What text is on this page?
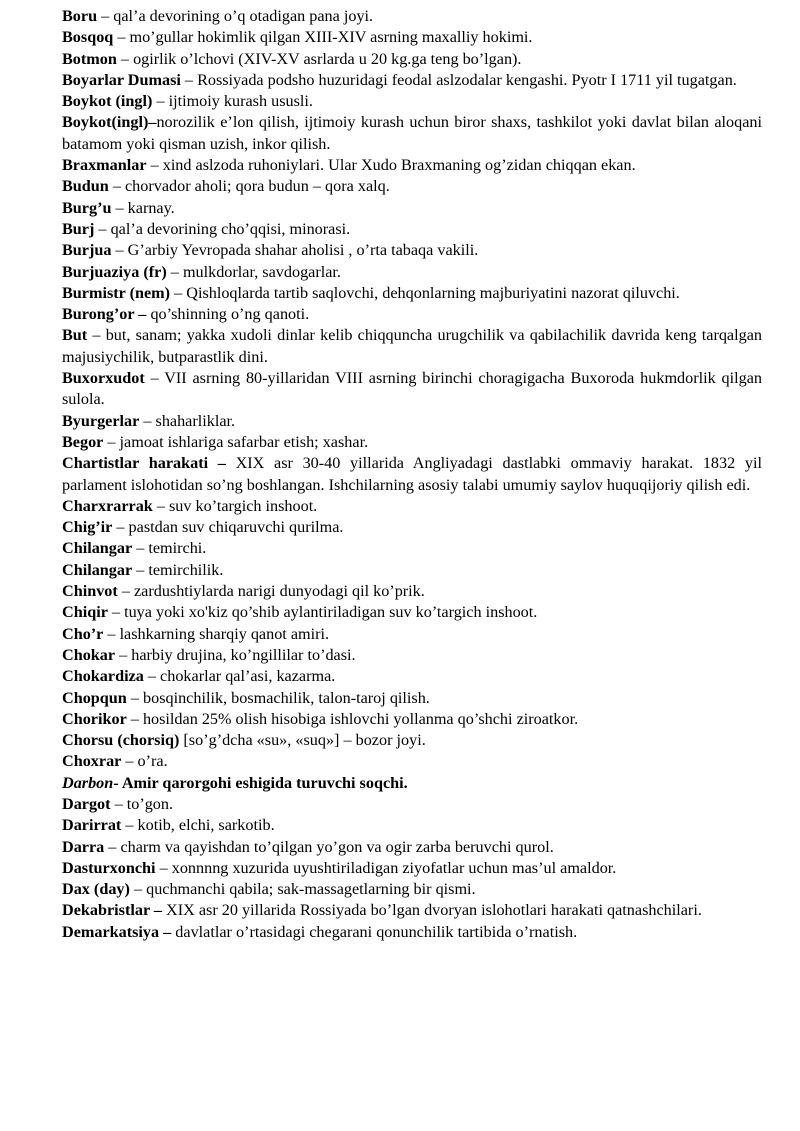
Boru – qal’a devorining o’q otadigan pana joyi.

Bosqoq – mo’gullar hokimlik qilgan XIII-XIV asrning maxalliy hokimi.

Botmon – ogirlik o’lchovi (XIV-XV asrlarda u 20 kg.ga teng bo’lgan).

Boyarlar Dumasi – Rossiyada podsho huzuridagi feodal aslzodalar kengashi. Pyotr I 1711 yil tugatgan.

Boykot (ingl) – ijtimoiy kurash ususli.

Boykot(ingl)–norozilik e’lon qilish, ijtimoiy kurash uchun biror shaxs, tashkilot yoki davlat bilan aloqani batamom yoki qisman uzish, inkor qilish.

Braxmanlar – xind aslzoda ruhoniylari. Ular Xudo Braxmaning og’zidan chiqqan ekan.

Budun – chorvador aholi; qora budun – qora xalq.

Burg’u – karnay.

Burj – qal’a devorining cho’qqisi, minorasi.

Burjua – G’arbiy Yevropada shahar aholisi , o’rta tabaqa vakili.

Burjuaziya (fr) – mulkdorlar, savdogarlar.

Burmistr (nem) – Qishloqlarda tartib saqlovchi, dehqonlarning majburiyatini nazorat qiluvchi.

Burong’or – qo’shinning o’ng qanoti.

But – but, sanam; yakka xudoli dinlar kelib chiqquncha urugchilik va qabilachilik davrida keng tarqalgan majusiychilik, butparastlik dini.

Buxorxudot – VII asrning 80-yillaridan VIII asrning birinchi choragigacha Buxoroda hukmdorlik qilgan sulola.

Byurgerlar – shaharliklar.

Begor – jamoat ishlariga safarbar etish; xashar.

Chartistlar harakati – XIX asr 30-40 yillarida Angliyadagi dastlabki ommaviy harakat. 1832 yil parlament islohotidan so’ng boshlangan. Ishchilarning asosiy talabi umumiy saylov huquqijoriy qilish edi.

Charxrarrak – suv ko’targich inshoot.

Chig’ir – pastdan suv chiqaruvchi qurilma.

Chilangar – temirchi.

Chilangar – temirchilik.

Chinvot – zardushtiylarda narigi dunyodagi qil ko’prik.

Chiqir – tuya yoki xo'kiz qo’shib aylantiriladigan suv ko’targich inshoot.

Cho’r – lashkarning sharqiy qanot amiri.

Chokar – harbiy drujina, ko’ngillilar to’dasi.

Chokardiza – chokarlar qal’asi, kazarma.

Chopqun – bosqinchilik, bosmachilik, talon-taroj qilish.

Chorikor – hosildan 25% olish hisobiga ishlovchi yollanma qo’shchi ziroatkor.

Chorsu (chorsiq) [so’g’dcha «su», «suq»] – bozor joyi.

Choxrar – o’ra.

Darbon- Amir qarorgohi eshigida turuvchi soqchi.

Dargot – to’gon.

Darirrat – kotib, elchi, sarkotib.

Darra – charm va qayishdan to’qilgan yo’gon va ogir zarba beruvchi qurol.

Dasturxonchi – xonnnng xuzurida uyushtiriladigan ziyofatlar uchun mas’ul amaldor.

Dax (day) – quchmanchi qabila; sak-massagetlarning bir qismi.

Dekabristlar – XIX asr 20 yillarida Rossiyada bo’lgan dvoryan islohotlari harakati qatnashchilari.

Demarkatsiya – davlatlar o’rtasidagi chegarani qonunchilik tartibida o’rnatish.
